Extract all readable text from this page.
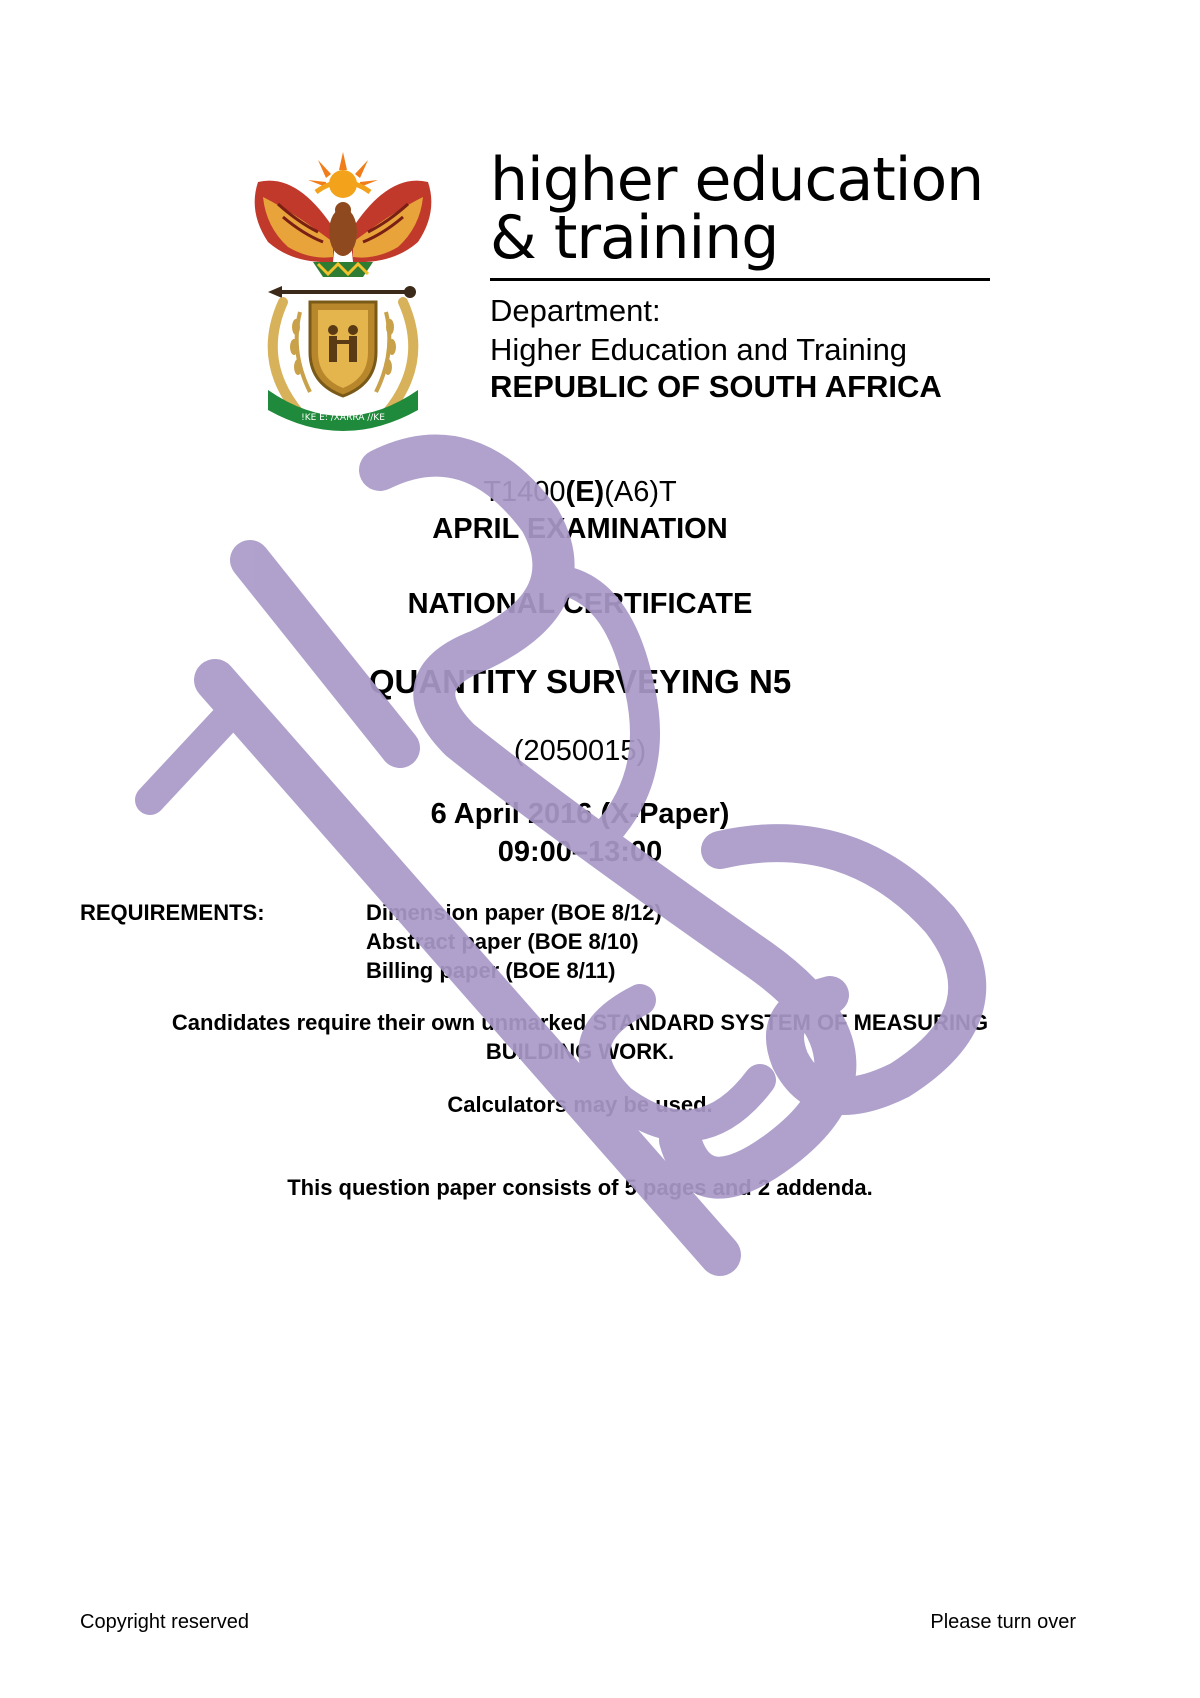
!KE E: /XARRA //KE
higher education
& training
Department:
Higher Education and Training
REPUBLIC OF SOUTH AFRICA
T1400(E)(A6)T
APRIL EXAMINATION
NATIONAL CERTIFICATE
QUANTITY SURVEYING N5
(2050015)
6 April 2016 (X-Paper)
09:00–13:00
REQUIREMENTS:	Dimension paper (BOE 8/12)
Abstract paper (BOE 8/10)
Billing paper (BOE 8/11)
Candidates require their own unmarked STANDARD SYSTEM OF MEASURING
BUILDING WORK.
Calculators may be used.
This question paper consists of 5 pages and 2 addenda.
Copyright reserved	Please turn over
